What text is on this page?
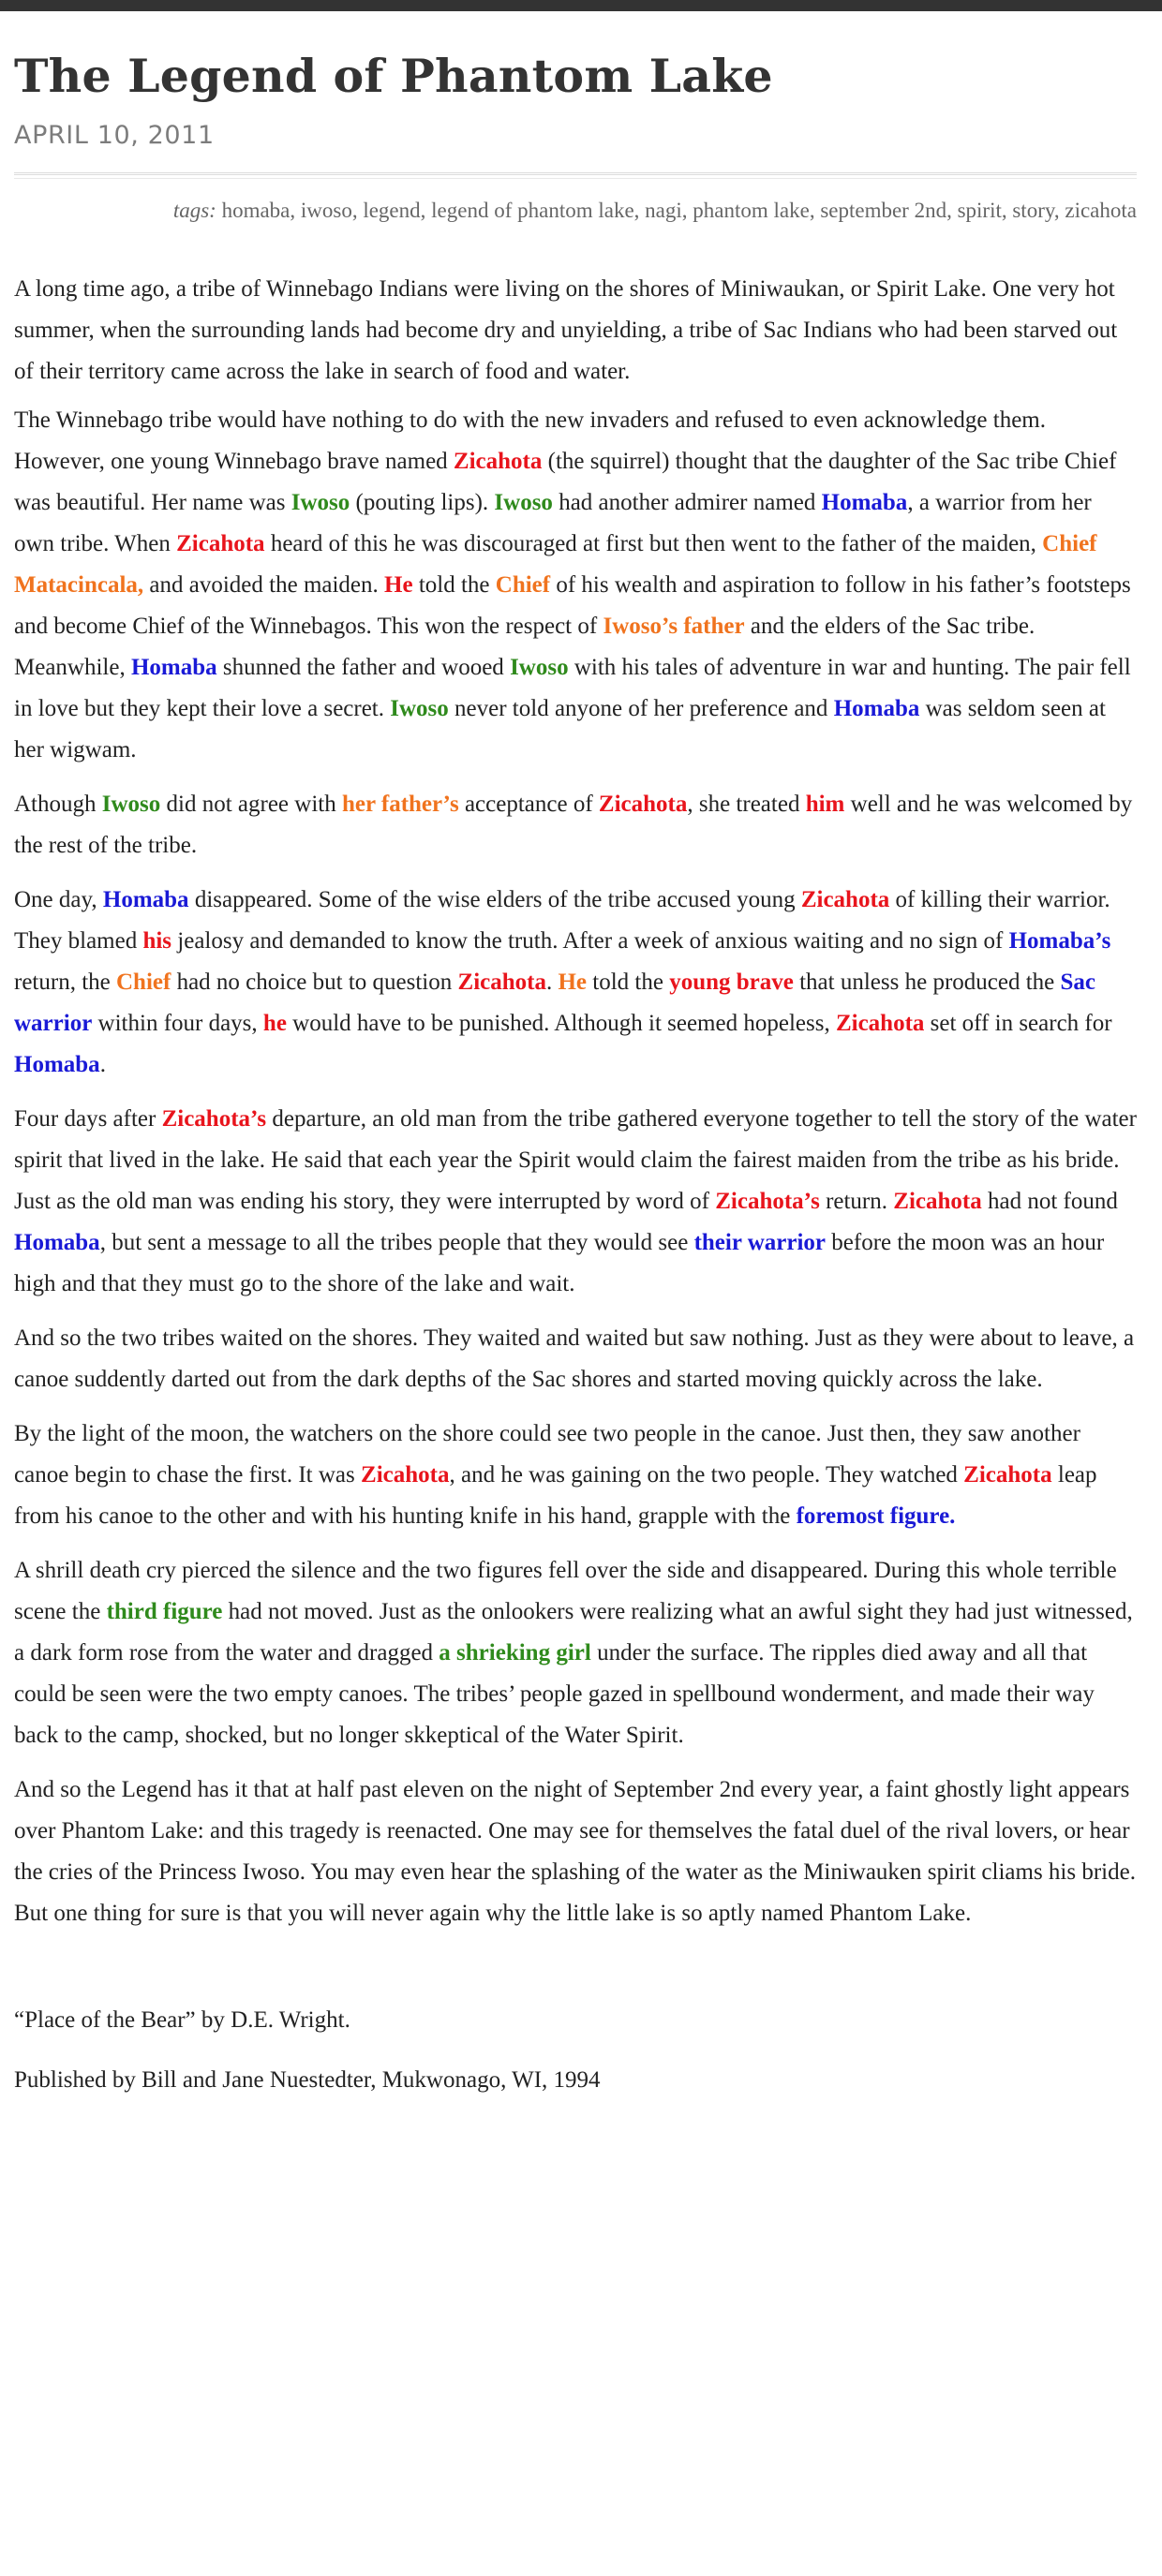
The Legend of Phantom Lake
APRIL 10, 2011
tags: homaba, iwoso, legend, legend of phantom lake, nagi, phantom lake, september 2nd, spirit, story, zicahota

A long time ago, a tribe of Winnebago Indians were living on the shores of Miniwaukan, or Spirit Lake. One very hot summer, when the surrounding lands had become dry and unyielding, a tribe of Sac Indians who had been starved out of their territory came across the lake in search of food and water.

The Winnebago tribe would have nothing to do with the new invaders and refused to even acknowledge them. However, one young Winnebago brave named Zicahota (the squirrel) thought that the daughter of the Sac tribe Chief was beautiful. Her name was Iwoso (pouting lips). Iwoso had another admirer named Homaba, a warrior from her own tribe. When Zicahota heard of this he was discouraged at first but then went to the father of the maiden, Chief Matacincala, and avoided the maiden. He told the Chief of his wealth and aspiration to follow in his father’s footsteps and become Chief of the Winnebagos. This won the respect of Iwoso’s father and the elders of the Sac tribe. Meanwhile, Homaba shunned the father and wooed Iwoso with his tales of adventure in war and hunting. The pair fell in love but they kept their love a secret. Iwoso never told anyone of her preference and Homaba was seldom seen at her wigwam.

Athough Iwoso did not agree with her father’s acceptance of Zicahota, she treated him well and he was welcomed by the rest of the tribe.

One day, Homaba disappeared. Some of the wise elders of the tribe accused young Zicahota of killing their warrior. They blamed his jealosy and demanded to know the truth. After a week of anxious waiting and no sign of Homaba’s return, the Chief had no choice but to question Zicahota. He told the young brave that unless he produced the Sac warrior within four days, he would have to be punished. Although it seemed hopeless, Zicahota set off in search for Homaba.

Four days after Zicahota’s departure, an old man from the tribe gathered everyone together to tell the story of the water spirit that lived in the lake. He said that each year the Spirit would claim the fairest maiden from the tribe as his bride. Just as the old man was ending his story, they were interrupted by word of Zicahota’s return. Zicahota had not found Homaba, but sent a message to all the tribes people that they would see their warrior before the moon was an hour high and that they must go to the shore of the lake and wait.

And so the two tribes waited on the shores. They waited and waited but saw nothing. Just as they were about to leave, a canoe suddently darted out from the dark depths of the Sac shores and started moving quickly across the lake.

By the light of the moon, the watchers on the shore could see two people in the canoe. Just then, they saw another canoe begin to chase the first. It was Zicahota, and he was gaining on the two people. They watched Zicahota leap from his canoe to the other and with his hunting knife in his hand, grapple with the foremost figure.

A shrill death cry pierced the silence and the two figures fell over the side and disappeared. During this whole terrible scene the third figure had not moved. Just as the onlookers were realizing what an awful sight they had just witnessed, a dark form rose from the water and dragged a shrieking girl under the surface. The ripples died away and all that could be seen were the two empty canoes. The tribes’ people gazed in spellbound wonderment, and made their way back to the camp, shocked, but no longer skkeptical of the Water Spirit.

And so the Legend has it that at half past eleven on the night of September 2nd every year, a faint ghostly light appears over Phantom Lake: and this tragedy is reenacted. One may see for themselves the fatal duel of the rival lovers, or hear the cries of the Princess Iwoso. You may even hear the splashing of the water as the Miniwauken spirit cliams his bride. But one thing for sure is that you will never again why the little lake is so aptly named Phantom Lake.

“Place of the Bear” by D.E. Wright.

Published by Bill and Jane Nuestedter, Mukwonago, WI, 1994
